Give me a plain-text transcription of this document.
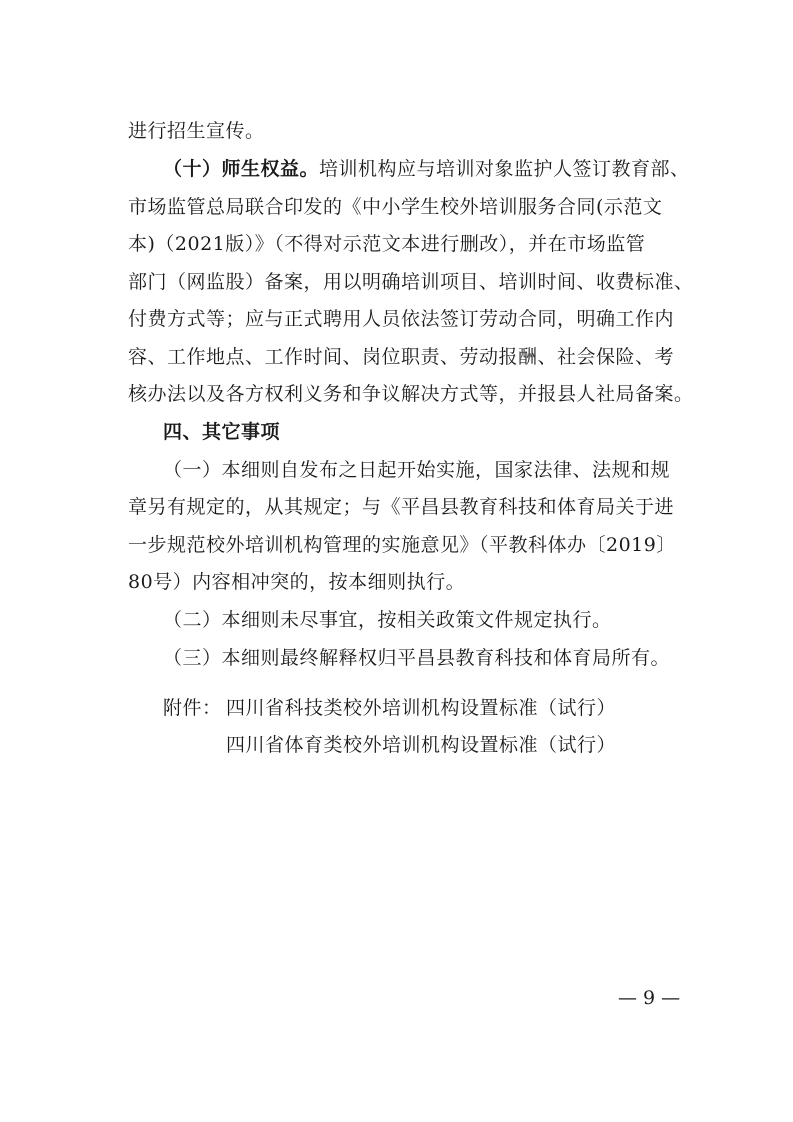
进行招生宣传。
（十）师生权益。培训机构应与培训对象监护人签订教育部、
市场监管总局联合印发的《中小学生校外培训服务合同(示范文
本)（2021版）》（不得对示范文本进行删改），并在市场监管
部门（网监股）备案，用以明确培训项目、培训时间、收费标准、
付费方式等；应与正式聘用人员依法签订劳动合同，明确工作内
容、工作地点、工作时间、岗位职责、劳动报酬、社会保险、考
核办法以及各方权利义务和争议解决方式等，并报县人社局备案。
四、其它事项
（一）本细则自发布之日起开始实施，国家法律、法规和规
章另有规定的，从其规定；与《平昌县教育科技和体育局关于进
一步规范校外培训机构管理的实施意见》（平教科体办〔2019〕
80号）内容相冲突的，按本细则执行。
（二）本细则未尽事宜，按相关政策文件规定执行。
（三）本细则最终解释权归平昌县教育科技和体育局所有。
附件： 四川省科技类校外培训机构设置标准（试行）
四川省体育类校外培训机构设置标准（试行）
— 9 —
